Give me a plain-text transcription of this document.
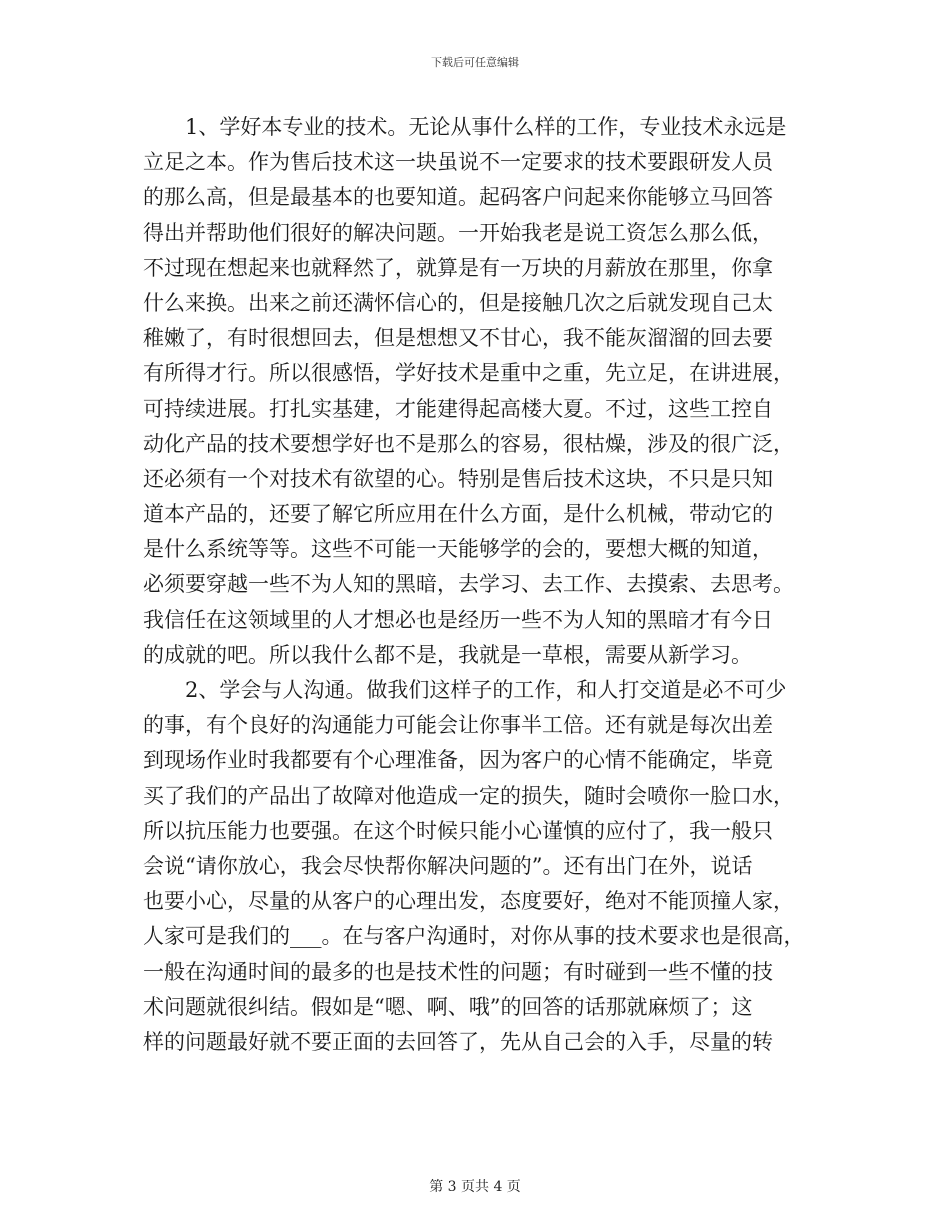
下载后可任意编辑
1、学好本专业的技术。无论从事什么样的工作，专业技术永远是
立足之本。作为售后技术这一块虽说不一定要求的技术要跟研发人员
的那么高，但是最基本的也要知道。起码客户问起来你能够立马回答
得出并帮助他们很好的解决问题。一开始我老是说工资怎么那么低，
不过现在想起来也就释然了，就算是有一万块的月薪放在那里，你拿
什么来换。出来之前还满怀信心的，但是接触几次之后就发现自己太
稚嫩了，有时很想回去，但是想想又不甘心，我不能灰溜溜的回去要
有所得才行。所以很感悟，学好技术是重中之重，先立足，在讲进展，
可持续进展。打扎实基建，才能建得起高楼大夏。不过，这些工控自
动化产品的技术要想学好也不是那么的容易，很枯燥，涉及的很广泛，
还必须有一个对技术有欲望的心。特别是售后技术这块，不只是只知
道本产品的，还要了解它所应用在什么方面，是什么机械，带动它的
是什么系统等等。这些不可能一天能够学的会的，要想大概的知道，
必须要穿越一些不为人知的黑暗，去学习、去工作、去摸索、去思考。
我信任在这领域里的人才想必也是经历一些不为人知的黑暗才有今日
的成就的吧。所以我什么都不是，我就是一草根，需要从新学习。
2、学会与人沟通。做我们这样子的工作，和人打交道是必不可少
的事，有个良好的沟通能力可能会让你事半工倍。还有就是每次出差
到现场作业时我都要有个心理准备，因为客户的心情不能确定，毕竟
买了我们的产品出了故障对他造成一定的损失，随时会喷你一脸口水，
所以抗压能力也要强。在这个时候只能小心谨慎的应付了，我一般只
会说“请你放心，我会尽快帮你解决问题的”。还有出门在外，说话
也要小心，尽量的从客户的心理出发，态度要好，绝对不能顶撞人家，
人家可是我们的___。在与客户沟通时，对你从事的技术要求也是很高，
一般在沟通时间的最多的也是技术性的问题；有时碰到一些不懂的技
术问题就很纠结。假如是“嗯、啊、哦”的回答的话那就麻烦了；这
样的问题最好就不要正面的去回答了，先从自己会的入手，尽量的转
第 3 页共 4 页
